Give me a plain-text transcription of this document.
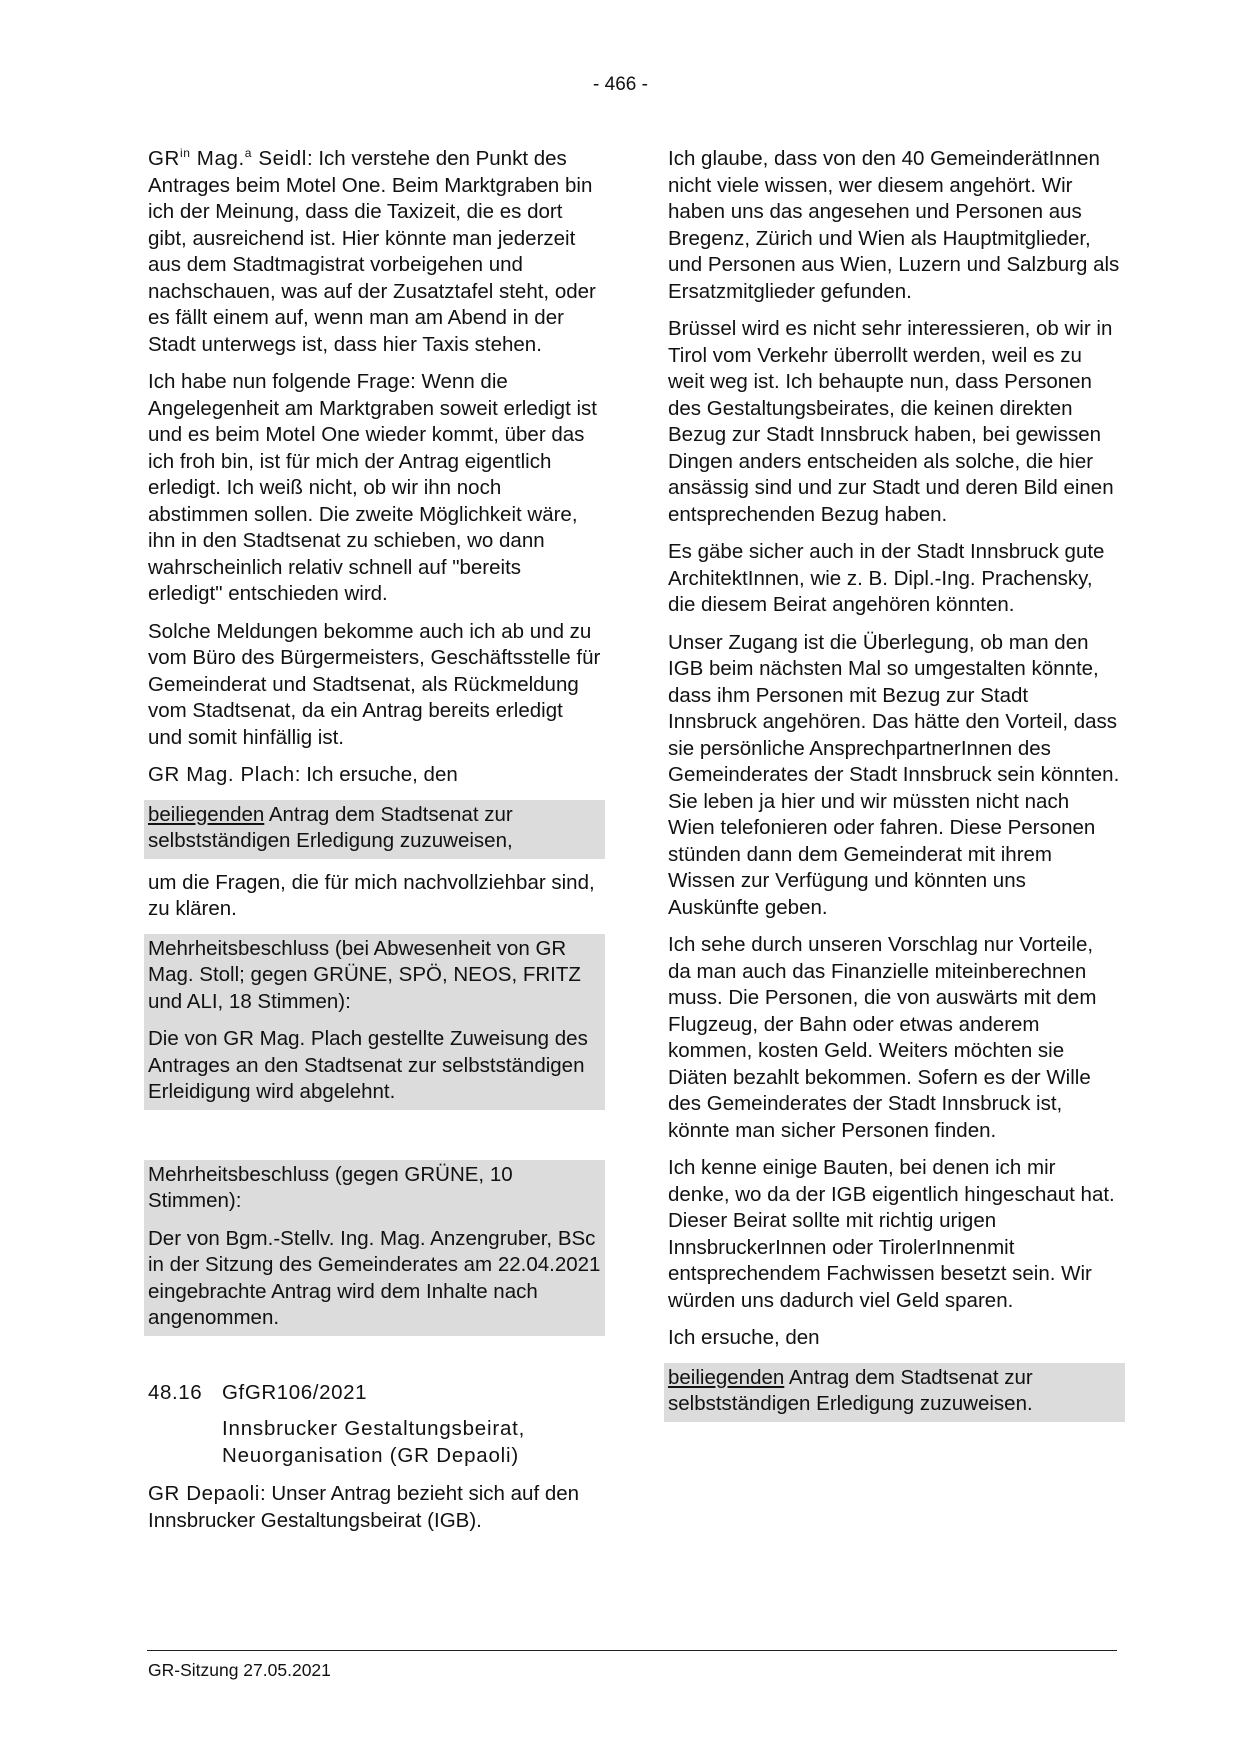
- 466 -

$GR^{in}$ Mag.$^a$ Seidl: Ich verstehe den Punkt des Antrages beim Motel One. Beim Marktgraben bin ich der Meinung, dass die Taxizeit, die es dort gibt, ausreichend ist. Hier könnte man jederzeit aus dem Stadtmagistrat vorbeigehen und nachschauen, was auf der Zusatztafel steht, oder es fällt einem auf, wenn man am Abend in der Stadt unterwegs ist, dass hier Taxis stehen.

Ich habe nun folgende Frage: Wenn die Angelegenheit am Marktgraben soweit erledigt ist und es beim Motel One wieder kommt, über das ich froh bin, ist für mich der Antrag eigentlich erledigt. Ich weiß nicht, ob wir ihn noch abstimmen sollen. Die zweite Möglichkeit wäre, ihn in den Stadtsenat zu schieben, wo dann wahrscheinlich relativ schnell auf "bereits erledigt" entschieden wird.

Solche Meldungen bekomme auch ich ab und zu vom Büro des Bürgermeisters, Geschäftsstelle für Gemeinderat und Stadtsenat, als Rückmeldung vom Stadtsenat, da ein Antrag bereits erledigt und somit hinfällig ist.

GR Mag. Plach: Ich ersuche, den

beiliegenden Antrag dem Stadtsenat zur selbstständigen Erledigung zuzuweisen,

um die Fragen, die für mich nachvollziehbar sind, zu klären.

Mehrheitsbeschluss (bei Abwesenheit von GR Mag. Stoll; gegen GRÜNE, SPÖ, NEOS, FRITZ und ALI, 18 Stimmen):

Die von GR Mag. Plach gestellte Zuweisung des Antrages an den Stadtsenat zur selbstständigen Erleidigung wird abgelehnt.

Mehrheitsbeschluss (gegen GRÜNE, 10 Stimmen):

Der von Bgm.-Stellv. Ing. Mag. Anzengruber, BSc in der Sitzung des Gemeinderates am 22.04.2021 eingebrachte Antrag wird dem Inhalte nach angenommen.

48.16 GfGR106/2021
Innsbrucker Gestaltungsbeirat, Neuorganisation (GR Depaoli)

GR Depaoli: Unser Antrag bezieht sich auf den Innsbrucker Gestaltungsbeirat (IGB).

Ich glaube, dass von den 40 GemeinderätInnen nicht viele wissen, wer diesem angehört. Wir haben uns das angesehen und Personen aus Bregenz, Zürich und Wien als Hauptmitglieder, und Personen aus Wien, Luzern und Salzburg als Ersatzmitglieder gefunden.

Brüssel wird es nicht sehr interessieren, ob wir in Tirol vom Verkehr überrollt werden, weil es zu weit weg ist. Ich behaupte nun, dass Personen des Gestaltungsbeirates, die keinen direkten Bezug zur Stadt Innsbruck haben, bei gewissen Dingen anders entscheiden als solche, die hier ansässig sind und zur Stadt und deren Bild einen entsprechenden Bezug haben.

Es gäbe sicher auch in der Stadt Innsbruck gute ArchitektInnen, wie z. B. Dipl.-Ing. Prachensky, die diesem Beirat angehören könnten.

Unser Zugang ist die Überlegung, ob man den IGB beim nächsten Mal so umgestalten könnte, dass ihm Personen mit Bezug zur Stadt Innsbruck angehören. Das hätte den Vorteil, dass sie persönliche AnsprechpartnerInnen des Gemeinderates der Stadt Innsbruck sein könnten. Sie leben ja hier und wir müssten nicht nach Wien telefonieren oder fahren. Diese Personen stünden dann dem Gemeinderat mit ihrem Wissen zur Verfügung und könnten uns Auskünfte geben.

Ich sehe durch unseren Vorschlag nur Vorteile, da man auch das Finanzielle miteinberechnen muss. Die Personen, die von auswärts mit dem Flugzeug, der Bahn oder etwas anderem kommen, kosten Geld. Weiters möchten sie Diäten bezahlt bekommen. Sofern es der Wille des Gemeinderates der Stadt Innsbruck ist, könnte man sicher Personen finden.

Ich kenne einige Bauten, bei denen ich mir denke, wo da der IGB eigentlich hingeschaut hat. Dieser Beirat sollte mit richtig urigen InnsbruckerInnen oder TirolerInnenmit entsprechendem Fachwissen besetzt sein. Wir würden uns dadurch viel Geld sparen.

Ich ersuche, den

beiliegenden Antrag dem Stadtsenat zur selbstständigen Erledigung zuzuweisen.

GR-Sitzung 27.05.2021
